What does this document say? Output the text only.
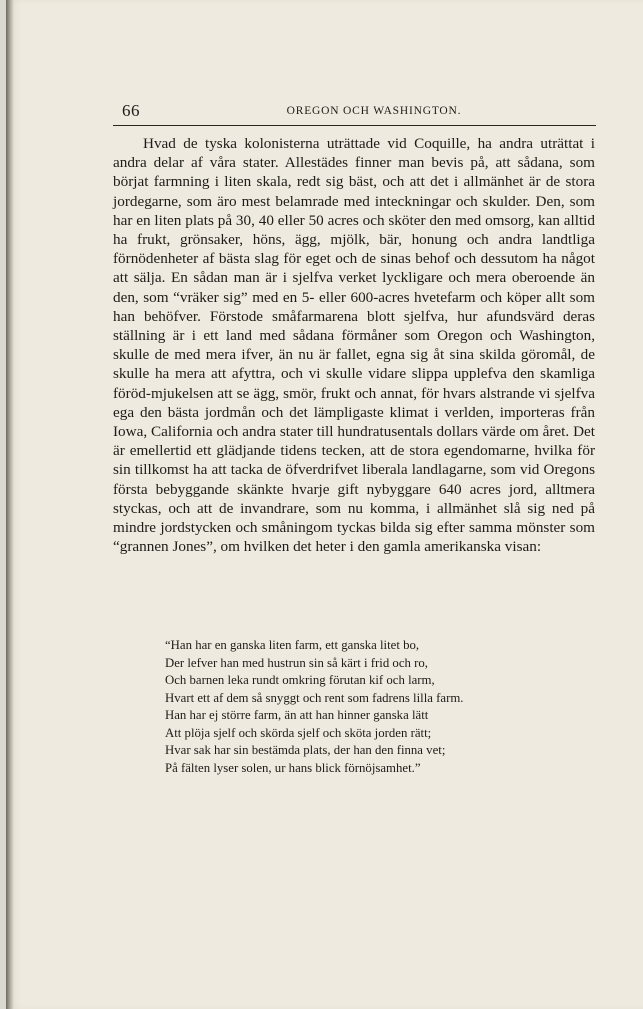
66	OREGON OCH WASHINGTON.

Hvad de tyska kolonisterna uträttade vid Coquille, ha andra uträttat i andra delar af våra stater. Allestädes finner man bevis på, att sådana, som börjat farmning i liten skala, redt sig bäst, och att det i allmänhet är de stora jordegarne, som äro mest belamrade med inteckningar och skulder. Den, som har en liten plats på 30, 40 eller 50 acres och sköter den med omsorg, kan alltid ha frukt, grönsaker, höns, ägg, mjölk, bär, honung och andra landtliga förnödenheter af bästa slag för eget och de sinas behof och dessutom ha något att sälja. En sådan man är i sjelfva verket lyckligare och mera oberoende än den, som “vräker sig” med en 5- eller 600-acres hvetefarm och köper allt som han behöfver. Förstode småfarmarena blott sjelfva, hur afundsvärd deras ställning är i ett land med sådana förmåner som Oregon och Washington, skulle de med mera ifver, än nu är fallet, egna sig åt sina skilda göromål, de skulle ha mera att afyttra, och vi skulle vidare slippa upplefva den skamliga föröd-mjukelsen att se ägg, smör, frukt och annat, för hvars alstrande vi sjelfva ega den bästa jordmån och det lämpligaste klimat i verlden, importeras från Iowa, California och andra stater till hundratusentals dollars värde om året. Det är emellertid ett glädjande tidens tecken, att de stora egendomarne, hvilka för sin tillkomst ha att tacka de öfverdrifvet liberala landlagarne, som vid Oregons första bebyggande skänkte hvarje gift nybyggare 640 acres jord, alltmera styckas, och att de invandrare, som nu komma, i allmänhet slå sig ned på mindre jordstycken och småningom tyckas bilda sig efter samma mönster som “grannen Jones”, om hvilken det heter i den gamla amerikanska visan:

“Han har en ganska liten farm, ett ganska litet bo,
Der lefver han med hustrun sin så kärt i frid och ro,
Och barnen leka rundt omkring förutan kif och larm,
Hvart ett af dem så snyggt och rent som fadrens lilla farm.
Han har ej större farm, än att han hinner ganska lätt
Att plöja sjelf och skörda sjelf och sköta jorden rätt;
Hvar sak har sin bestämda plats, der han den finna vet;
På fälten lyser solen, ur hans blick förnöjsamhet.”
